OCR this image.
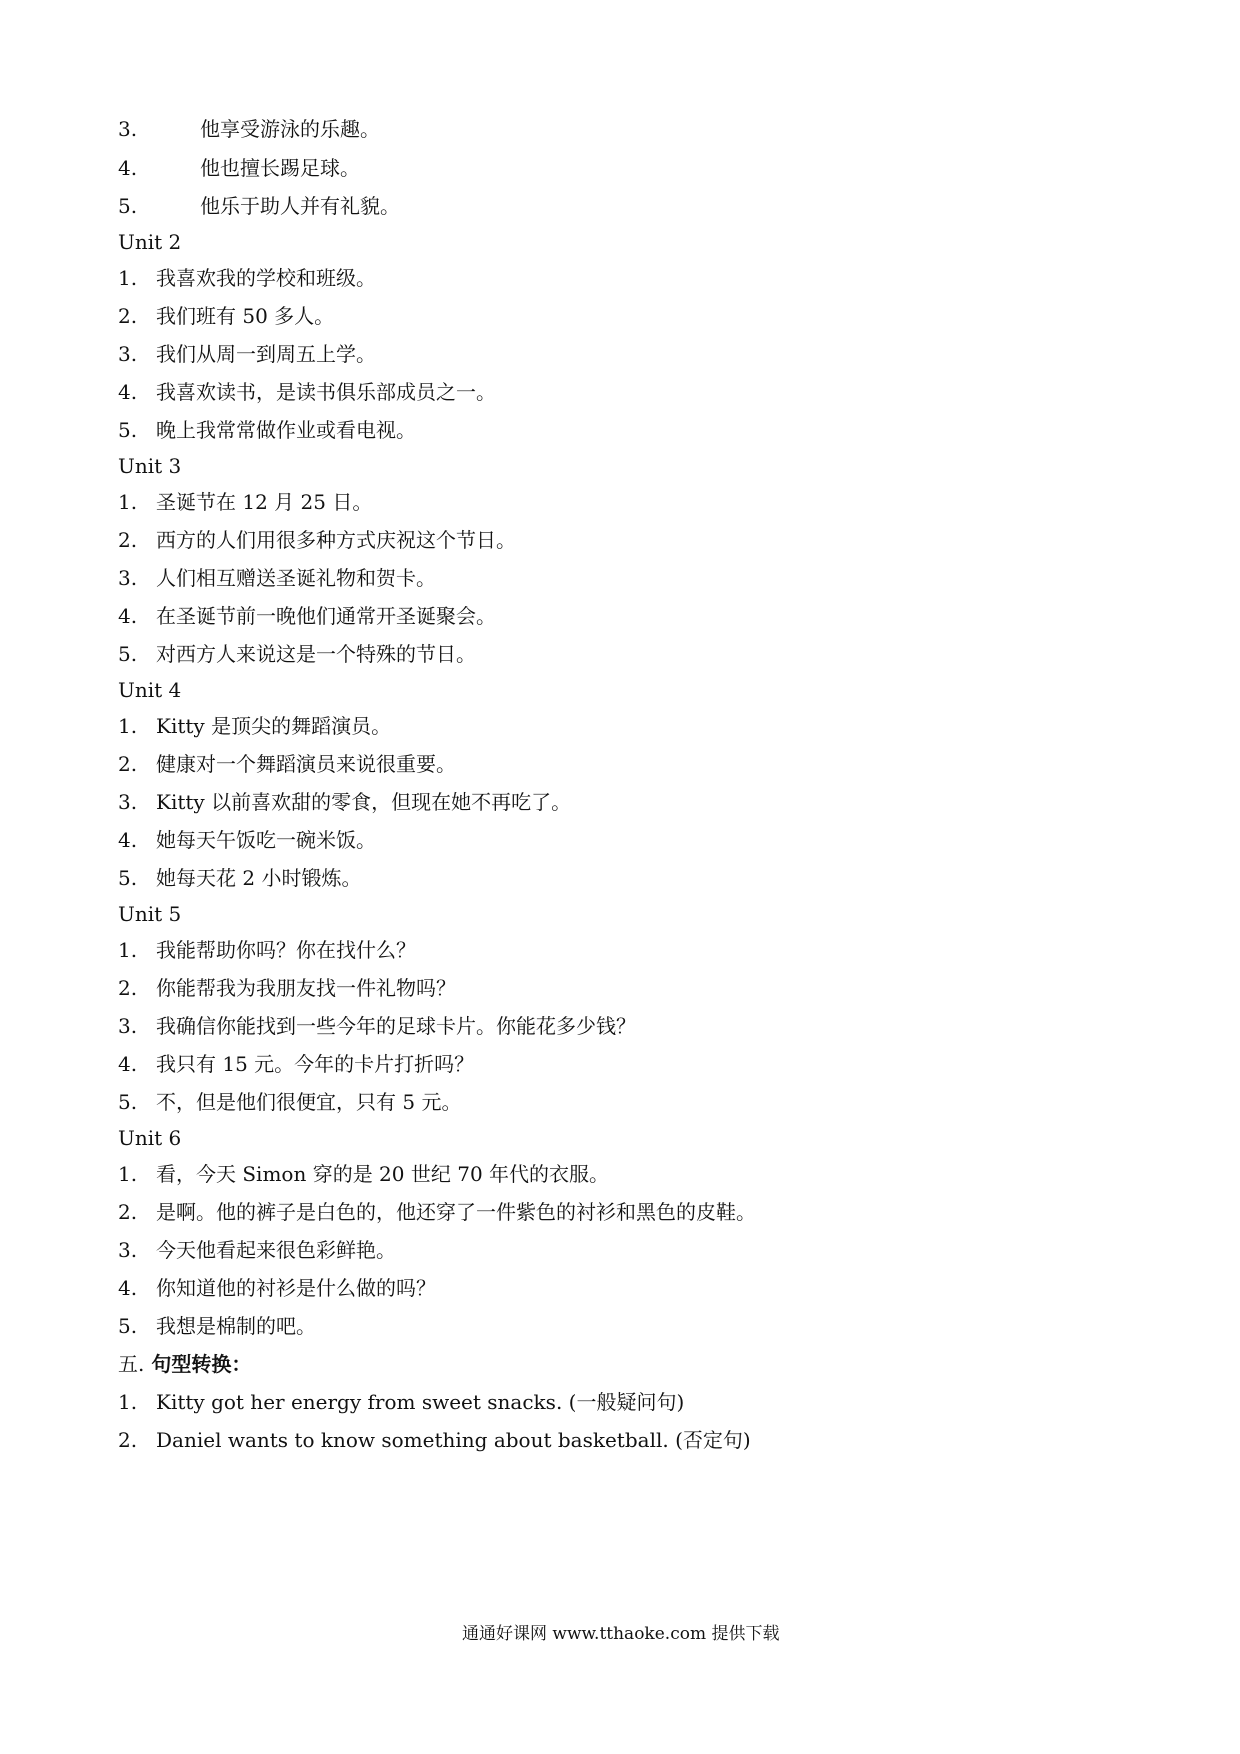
3.	他享受游泳的乐趣。
4.	他也擅长踢足球。
5.	他乐于助人并有礼貌。
Unit 2
1. 我喜欢我的学校和班级。
2. 我们班有 50 多人。
3. 我们从周一到周五上学。
4. 我喜欢读书，是读书俱乐部成员之一。
5. 晚上我常常做作业或看电视。
Unit 3
1. 圣诞节在 12 月 25 日。
2. 西方的人们用很多种方式庆祝这个节日。
3. 人们相互赠送圣诞礼物和贺卡。
4. 在圣诞节前一晚他们通常开圣诞聚会。
5. 对西方人来说这是一个特殊的节日。
Unit 4
1. Kitty 是顶尖的舞蹈演员。
2. 健康对一个舞蹈演员来说很重要。
3. Kitty 以前喜欢甜的零食，但现在她不再吃了。
4. 她每天午饭吃一碗米饭。
5. 她每天花 2 小时锻炼。
Unit 5
1. 我能帮助你吗？你在找什么？
2. 你能帮我为我朋友找一件礼物吗？
3. 我确信你能找到一些今年的足球卡片。你能花多少钱？
4. 我只有 15 元。今年的卡片打折吗？
5. 不，但是他们很便宜，只有 5 元。
Unit 6
1. 看，今天 Simon 穿的是 20 世纪 70 年代的衣服。
2. 是啊。他的裤子是白色的，他还穿了一件紫色的衬衫和黑色的皮鞋。
3. 今天他看起来很色彩鲜艳。
4. 你知道他的衬衫是什么做的吗？
5. 我想是棉制的吧。
五. 句型转换：
1. Kitty got her energy from sweet snacks. (一般疑问句)
2. Daniel wants to know something about basketball. (否定句)
通通好课网 www.tthaoke.com 提供下载
